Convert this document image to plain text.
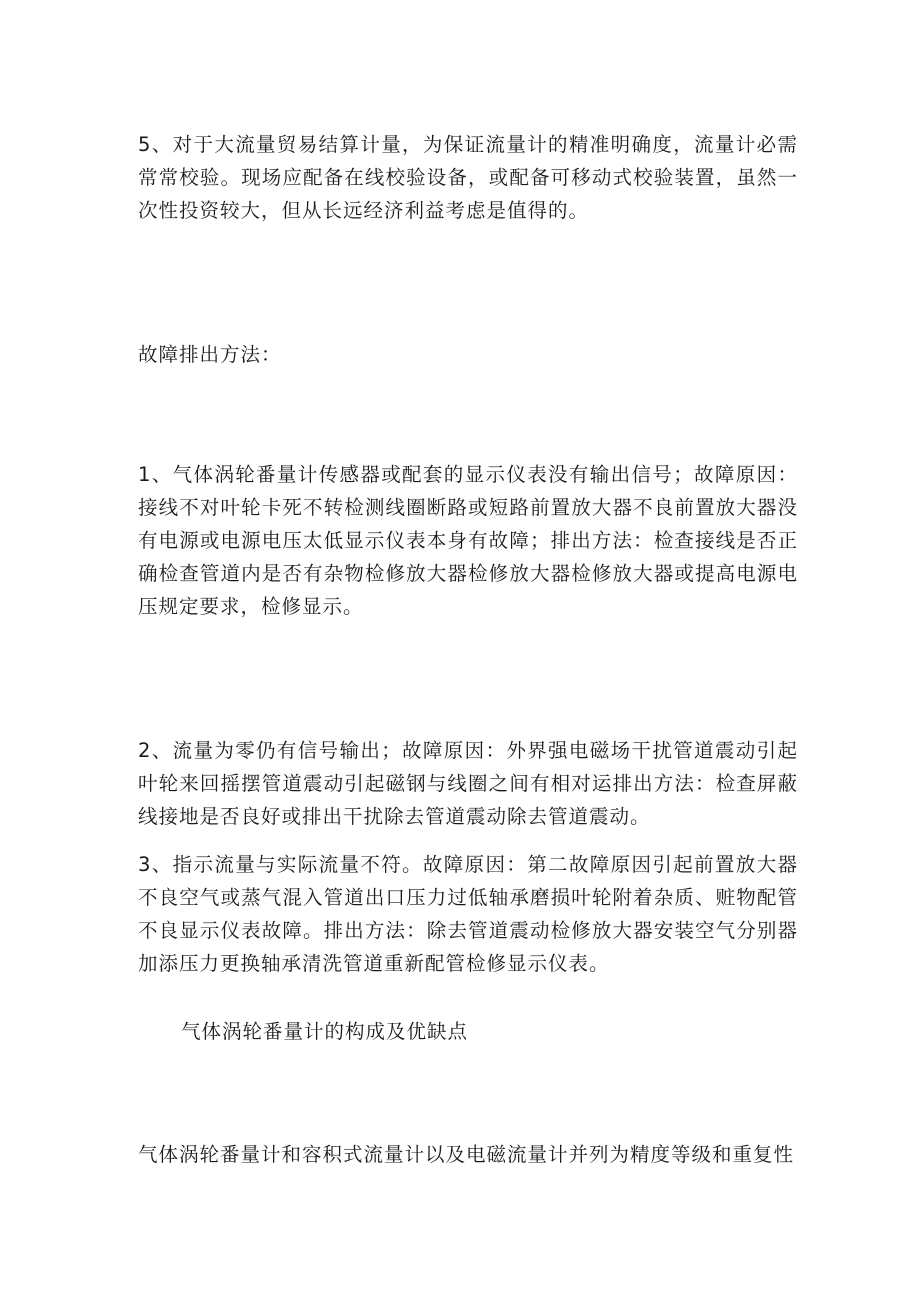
5、对于大流量贸易结算计量，为保证流量计的精准明确度，流量计必需常常校验。现场应配备在线校验设备，或配备可移动式校验装置，虽然一次性投资较大，但从长远经济利益考虑是值得的。

故障排出方法：

1、气体涡轮番量计传感器或配套的显示仪表没有输出信号；故障原因：接线不对叶轮卡死不转检测线圈断路或短路前置放大器不良前置放大器没有电源或电源电压太低显示仪表本身有故障；排出方法：检查接线是否正确检查管道内是否有杂物检修放大器检修放大器检修放大器或提高电源电压规定要求，检修显示。

2、流量为零仍有信号输出；故障原因：外界强电磁场干扰管道震动引起叶轮来回摇摆管道震动引起磁钢与线圈之间有相对运排出方法：检查屏蔽线接地是否良好或排出干扰除去管道震动除去管道震动。

3、指示流量与实际流量不符。故障原因：第二故障原因引起前置放大器不良空气或蒸气混入管道出口压力过低轴承磨损叶轮附着杂质、赃物配管不良显示仪表故障。排出方法：除去管道震动检修放大器安装空气分别器加添压力更换轴承清洗管道重新配管检修显示仪表。

气体涡轮番量计的构成及优缺点

气体涡轮番量计和容积式流量计以及电磁流量计并列为精度等级和重复性
